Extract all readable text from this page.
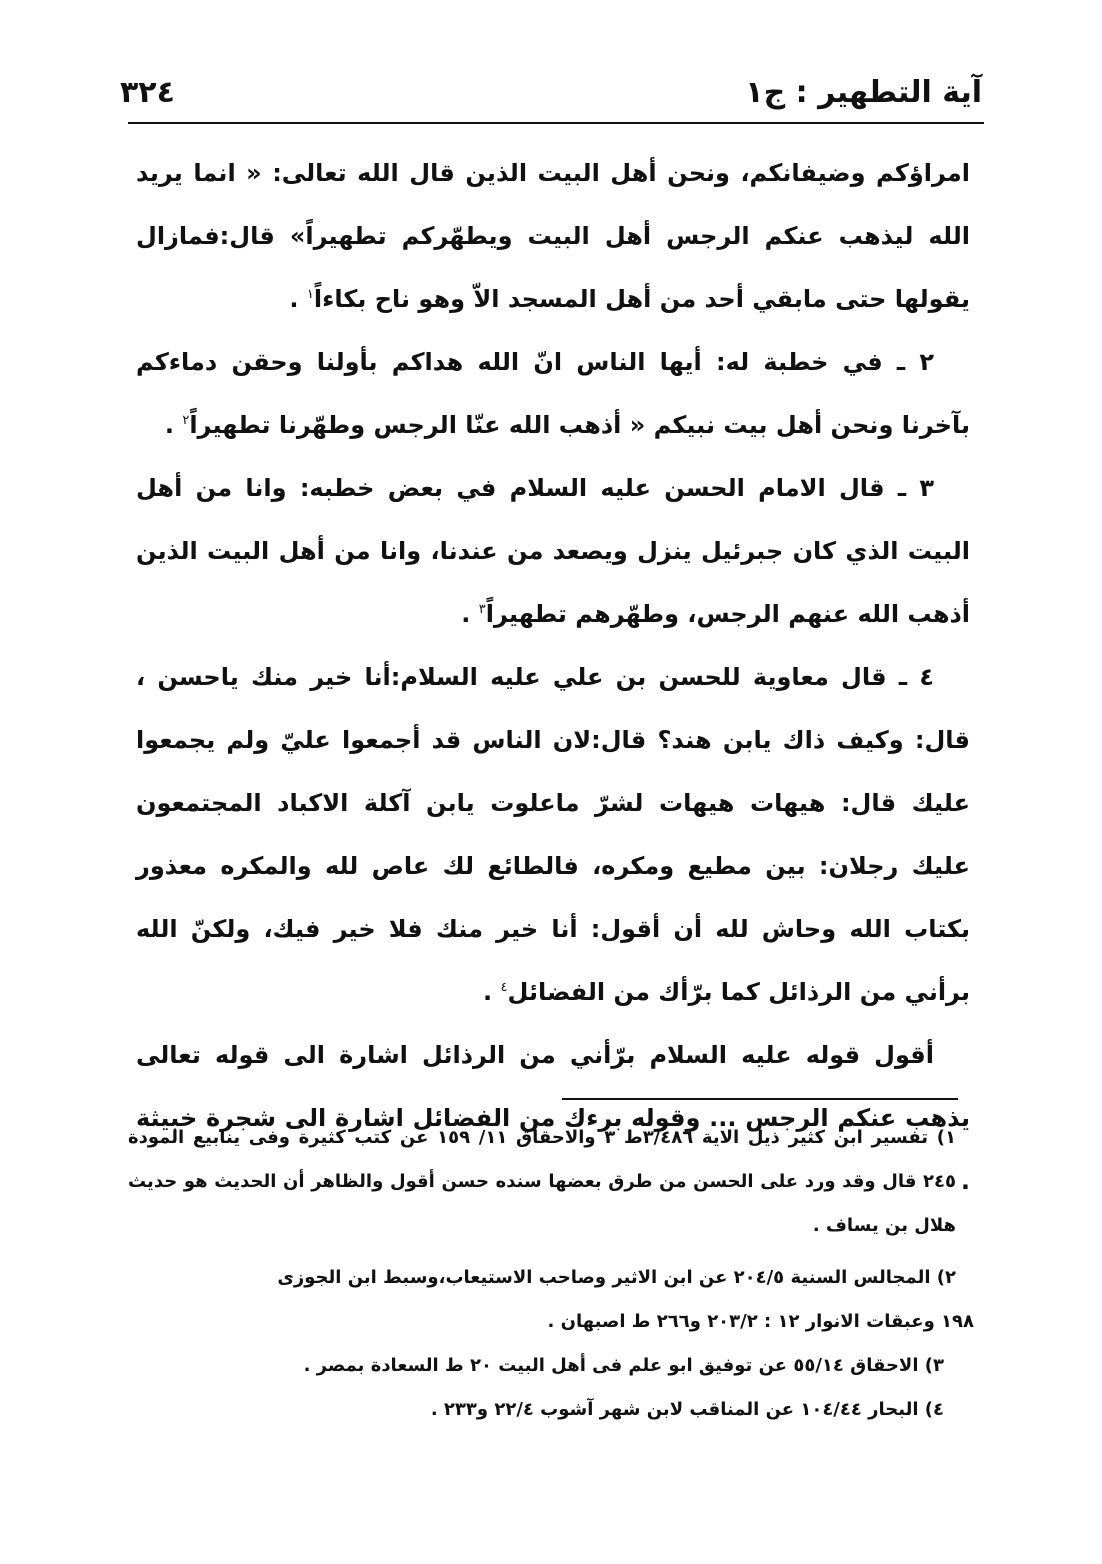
٣٢٤	آية التطهير : ج١

امراؤكم وضيفانكم، ونحن أهل البيت الذين قال الله تعالى: « انما يريد الله ليذهب عنكم الرجس أهل البيت ويطهّركم تطهيراً» قال:فمازال يقولها حتى مابقي أحد من أهل المسجد الاّ وهو ناح بكاءاً$^١$ .

٢ ـ في خطبة له: أيها الناس انّ الله هداكم بأولنا وحقن دماءكم بآخرنا ونحن أهل بيت نبيكم « أذهب الله عنّا الرجس وطهّرنا تطهيراً$^٢$ .

٣ ـ قال الامام الحسن عليه السلام في بعض خطبه: وانا من أهل البيت الذي كان جبرئيل ينزل ويصعد من عندنا، وانا من أهل البيت الذين أذهب الله عنهم الرجس، وطهّرهم تطهيراً$^٣$ .

٤ ـ قال معاوية للحسن بن علي عليه السلام:أنا خير منك ياحسن ، قال: وكيف ذاك يابن هند؟ قال:لان الناس قد أجمعوا عليّ ولم يجمعوا عليك قال: هيهات هيهات لشرّ ماعلوت يابن آكلة الاكباد المجتمعون عليك رجلان: بين مطيع ومكره، فالطائع لك عاص لله والمكره معذور بكتاب الله وحاش لله أن أقول: أنا خير منك فلا خير فيك، ولكنّ الله برأني من الرذائل كما برّأك من الفضائل$^٤$ .

أقول قوله عليه السلام برّأني من الرذائل اشارة الى قوله تعالى يذهب عنكم الرجس ... وقوله برءك من الفضائل اشارة الى شجرة خبيثة .

١) تفسير ابن كثير ذيل الاية ٣/٤٨٦ط ٣ والاحقاق ١١/ ١٥٩ عن كتب كثيرة وفى ينابيع المودة ٢٤٥ قال وقد ورد على الحسن من طرق بعضها سنده حسن أقول والظاهر أن الحديث هو حديث هلال بن يساف .

٢) المجالس السنية ٢٠٤/٥ عن ابن الاثير وصاحب الاستيعاب،وسبط ابن الجوزى

١٩٨ وعبقات الانوار ١٢ : ٢٠٣/٢ و٢٦٦ ط اصبهان .

٣) الاحقاق ٥٥/١٤ عن توفيق ابو علم فى أهل البيت ٢٠ ط السعادة بمصر .

٤) البحار ١٠٤/٤٤ عن المناقب لابن شهر آشوب ٢٢/٤ و٢٣٣ .
